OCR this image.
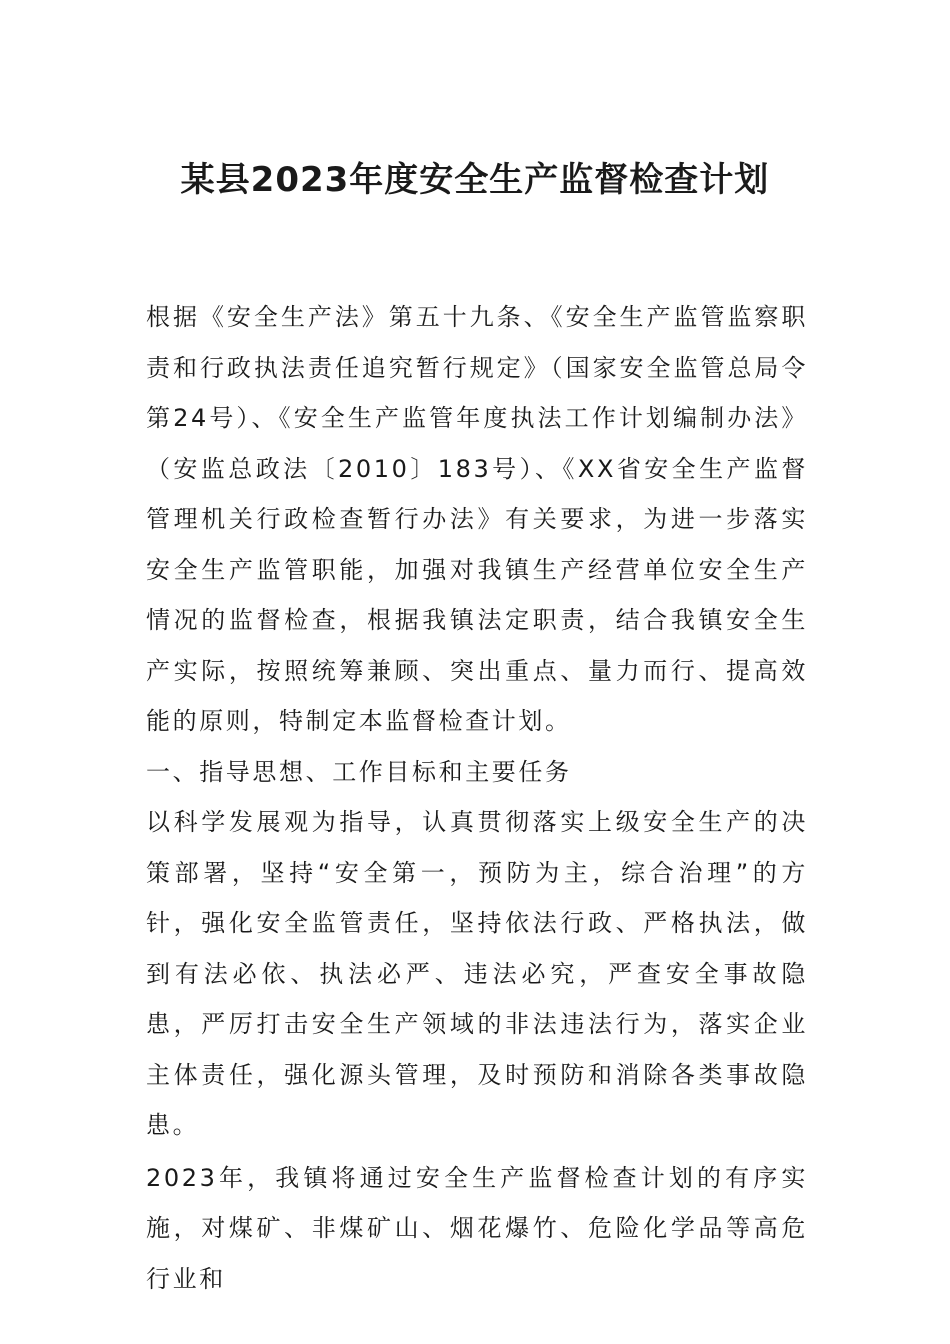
某县2023年度安全生产监督检查计划

根据《安全生产法》第五十九条、《安全生产监管监察职责和行政执法责任追究暂行规定》（国家安全监管总局令第24号）、《安全生产监管年度执法工作计划编制办法》（安监总政法〔2010〕183号）、《XX省安全生产监督管理机关行政检查暂行办法》有关要求，为进一步落实安全生产监管职能，加强对我镇生产经营单位安全生产情况的监督检查，根据我镇法定职责，结合我镇安全生产实际，按照统筹兼顾、突出重点、量力而行、提高效能的原则，特制定本监督检查计划。

一、指导思想、工作目标和主要任务

以科学发展观为指导，认真贯彻落实上级安全生产的决策部署，坚持“安全第一，预防为主，综合治理”的方针，强化安全监管责任，坚持依法行政、严格执法，做到有法必依、执法必严、违法必究，严查安全事故隐患，严厉打击安全生产领域的非法违法行为，落实企业主体责任，强化源头管理，及时预防和消除各类事故隐患。

2023年，我镇将通过安全生产监督检查计划的有序实施，对煤矿、非煤矿山、烟花爆竹、危险化学品等高危行业和
